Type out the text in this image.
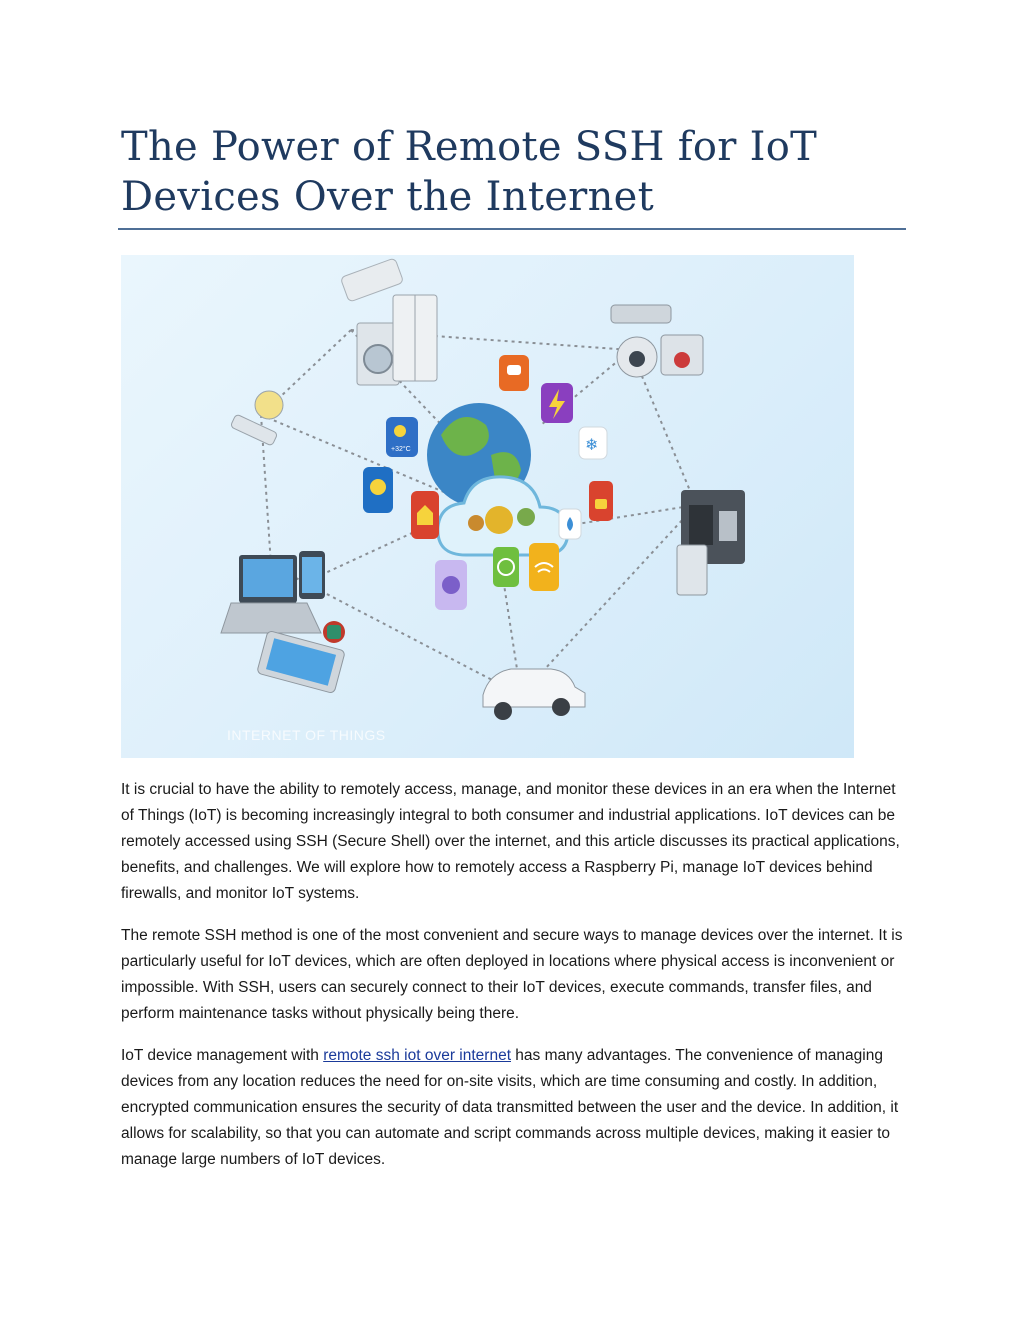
The Power of Remote SSH for IoT
Devices Over the Internet
+32°C	❄
INTERNET OF THINGS

It is crucial to have the ability to remotely access, manage, and monitor these devices in an era when the Internet of Things (IoT) is becoming increasingly integral to both consumer and industrial applications. IoT devices can be remotely accessed using SSH (Secure Shell) over the internet, and this article discusses its practical applications, benefits, and challenges. We will explore how to remotely access a Raspberry Pi, manage IoT devices behind firewalls, and monitor IoT systems.

The remote SSH method is one of the most convenient and secure ways to manage devices over the internet. It is particularly useful for IoT devices, which are often deployed in locations where physical access is inconvenient or impossible. With SSH, users can securely connect to their IoT devices, execute commands, transfer files, and perform maintenance tasks without physically being there.

IoT device management with remote ssh iot over internet has many advantages. The convenience of managing devices from any location reduces the need for on-site visits, which are time consuming and costly. In addition, encrypted communication ensures the security of data transmitted between the user and the device. In addition, it allows for scalability, so that you can automate and script commands across multiple devices, making it easier to manage large numbers of IoT devices.
